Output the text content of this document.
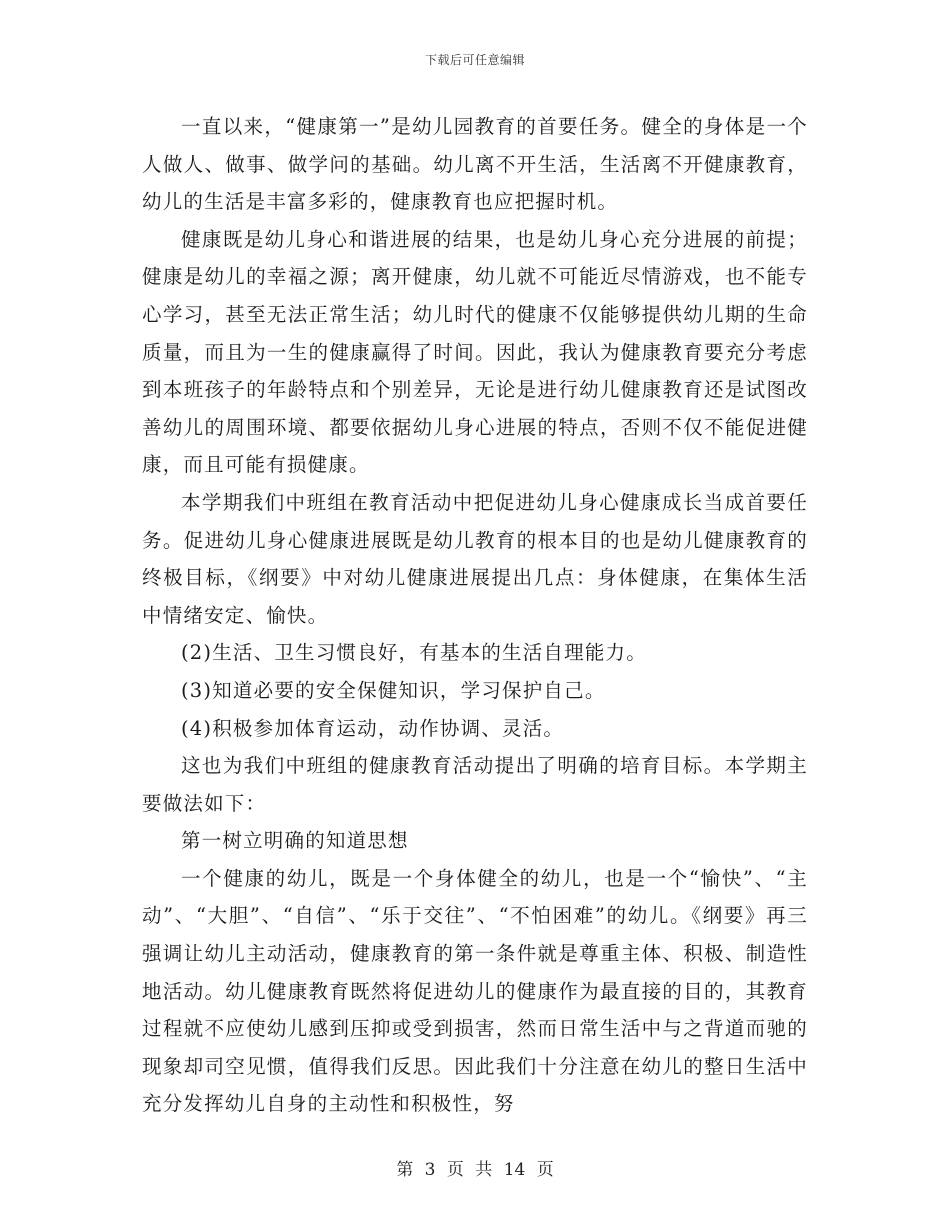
下载后可任意编辑

一直以来，“健康第一”是幼儿园教育的首要任务。健全的身体是一个人做人、做事、做学问的基础。幼儿离不开生活，生活离不开健康教育，幼儿的生活是丰富多彩的，健康教育也应把握时机。

健康既是幼儿身心和谐进展的结果，也是幼儿身心充分进展的前提；健康是幼儿的幸福之源；离开健康，幼儿就不可能近尽情游戏，也不能专心学习，甚至无法正常生活；幼儿时代的健康不仅能够提供幼儿期的生命质量，而且为一生的健康赢得了时间。因此，我认为健康教育要充分考虑到本班孩子的年龄特点和个别差异，无论是进行幼儿健康教育还是试图改善幼儿的周围环境、都要依据幼儿身心进展的特点，否则不仅不能促进健康，而且可能有损健康。

本学期我们中班组在教育活动中把促进幼儿身心健康成长当成首要任务。促进幼儿身心健康进展既是幼儿教育的根本目的也是幼儿健康教育的终极目标，《纲要》中对幼儿健康进展提出几点：身体健康，在集体生活中情绪安定、愉快。

(2)生活、卫生习惯良好，有基本的生活自理能力。

(3)知道必要的安全保健知识，学习保护自己。

(4)积极参加体育运动，动作协调、灵活。

这也为我们中班组的健康教育活动提出了明确的培育目标。本学期主要做法如下：

第一树立明确的知道思想

一个健康的幼儿，既是一个身体健全的幼儿，也是一个“愉快”、“主动”、“大胆”、“自信”、“乐于交往”、“不怕困难”的幼儿。《纲要》再三强调让幼儿主动活动，健康教育的第一条件就是尊重主体、积极、制造性地活动。幼儿健康教育既然将促进幼儿的健康作为最直接的目的，其教育过程就不应使幼儿感到压抑或受到损害，然而日常生活中与之背道而驰的现象却司空见惯，值得我们反思。因此我们十分注意在幼儿的整日生活中充分发挥幼儿自身的主动性和积极性，努

第 3 页 共 14 页
